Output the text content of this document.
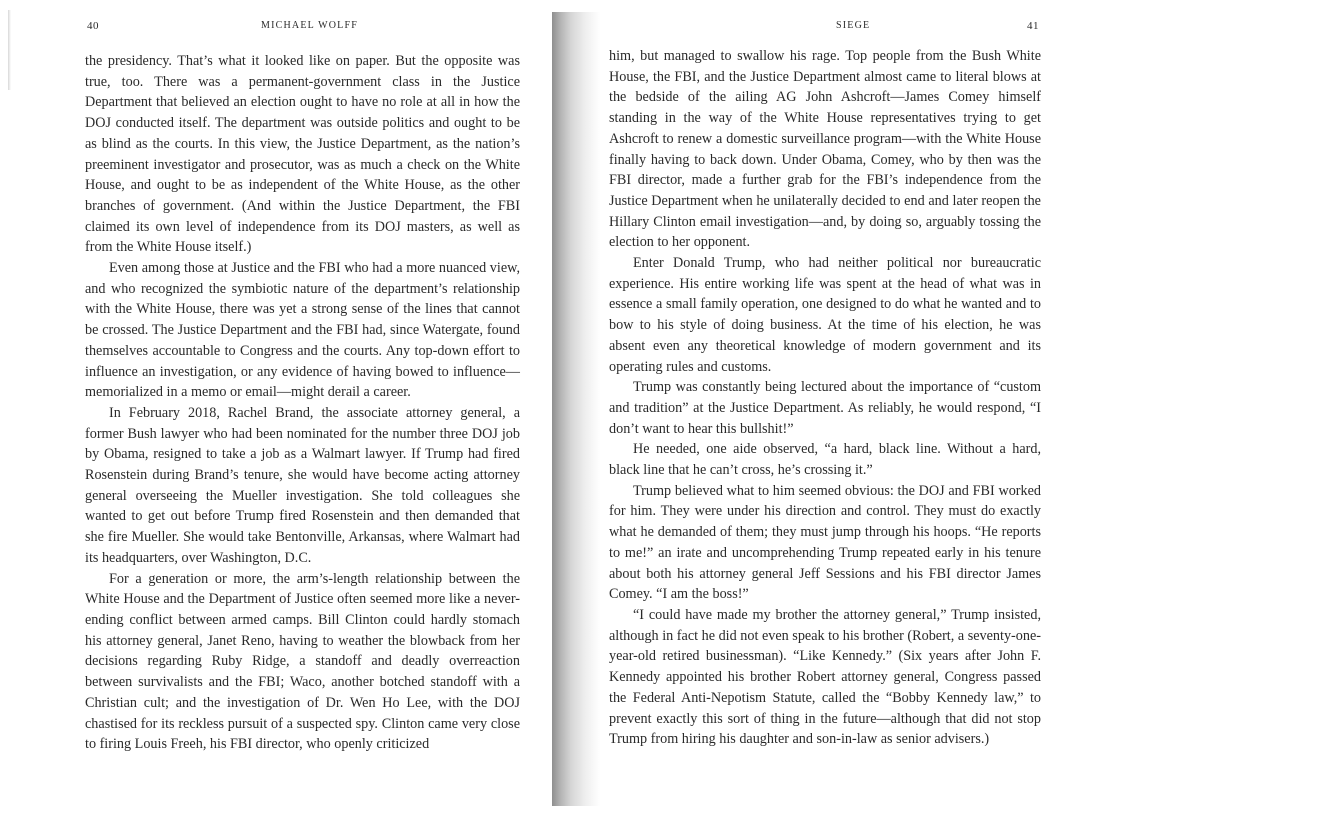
40	MICHAEL WOLFF

the presidency. That’s what it looked like on paper. But the opposite was true, too. There was a permanent-government class in the Justice Department that believed an election ought to have no role at all in how the DOJ conducted itself. The department was outside politics and ought to be as blind as the courts. In this view, the Justice Department, as the nation’s preeminent investigator and prosecutor, was as much a check on the White House, and ought to be as independent of the White House, as the other branches of government. (And within the Justice Department, the FBI claimed its own level of independence from its DOJ masters, as well as from the White House itself.)

Even among those at Justice and the FBI who had a more nuanced view, and who recognized the symbiotic nature of the department’s relationship with the White House, there was yet a strong sense of the lines that cannot be crossed. The Justice Department and the FBI had, since Watergate, found themselves accountable to Congress and the courts. Any top-down effort to influence an investigation, or any evidence of having bowed to influence—memorialized in a memo or email—might derail a career.

In February 2018, Rachel Brand, the associate attorney general, a former Bush lawyer who had been nominated for the number three DOJ job by Obama, resigned to take a job as a Walmart lawyer. If Trump had fired Rosenstein during Brand’s tenure, she would have become acting attorney general overseeing the Mueller investigation. She told colleagues she wanted to get out before Trump fired Rosenstein and then demanded that she fire Mueller. She would take Bentonville, Arkansas, where Walmart had its headquarters, over Washington, D.C.

For a generation or more, the arm’s-length relationship between the White House and the Department of Justice often seemed more like a never-ending conflict between armed camps. Bill Clinton could hardly stomach his attorney general, Janet Reno, having to weather the blowback from her decisions regarding Ruby Ridge, a standoff and deadly overreaction between survivalists and the FBI; Waco, another botched standoff with a Christian cult; and the investigation of Dr. Wen Ho Lee, with the DOJ chastised for its reckless pursuit of a suspected spy. Clinton came very close to firing Louis Freeh, his FBI director, who openly criticized

SIEGE	41

him, but managed to swallow his rage. Top people from the Bush White House, the FBI, and the Justice Department almost came to literal blows at the bedside of the ailing AG John Ashcroft—James Comey himself standing in the way of the White House representatives trying to get Ashcroft to renew a domestic surveillance program—with the White House finally having to back down. Under Obama, Comey, who by then was the FBI director, made a further grab for the FBI’s independence from the Justice Department when he unilaterally decided to end and later reopen the Hillary Clinton email investigation—and, by doing so, arguably tossing the election to her opponent.

Enter Donald Trump, who had neither political nor bureaucratic experience. His entire working life was spent at the head of what was in essence a small family operation, one designed to do what he wanted and to bow to his style of doing business. At the time of his election, he was absent even any theoretical knowledge of modern government and its operating rules and customs.

Trump was constantly being lectured about the importance of “custom and tradition” at the Justice Department. As reliably, he would respond, “I don’t want to hear this bullshit!”

He needed, one aide observed, “a hard, black line. Without a hard, black line that he can’t cross, he’s crossing it.”

Trump believed what to him seemed obvious: the DOJ and FBI worked for him. They were under his direction and control. They must do exactly what he demanded of them; they must jump through his hoops. “He reports to me!” an irate and uncomprehending Trump repeated early in his tenure about both his attorney general Jeff Sessions and his FBI director James Comey. “I am the boss!”

“I could have made my brother the attorney general,” Trump insisted, although in fact he did not even speak to his brother (Robert, a seventy-one-year-old retired businessman). “Like Kennedy.” (Six years after John F. Kennedy appointed his brother Robert attorney general, Congress passed the Federal Anti-Nepotism Statute, called the “Bobby Kennedy law,” to prevent exactly this sort of thing in the future—although that did not stop Trump from hiring his daughter and son-in-law as senior advisers.)
